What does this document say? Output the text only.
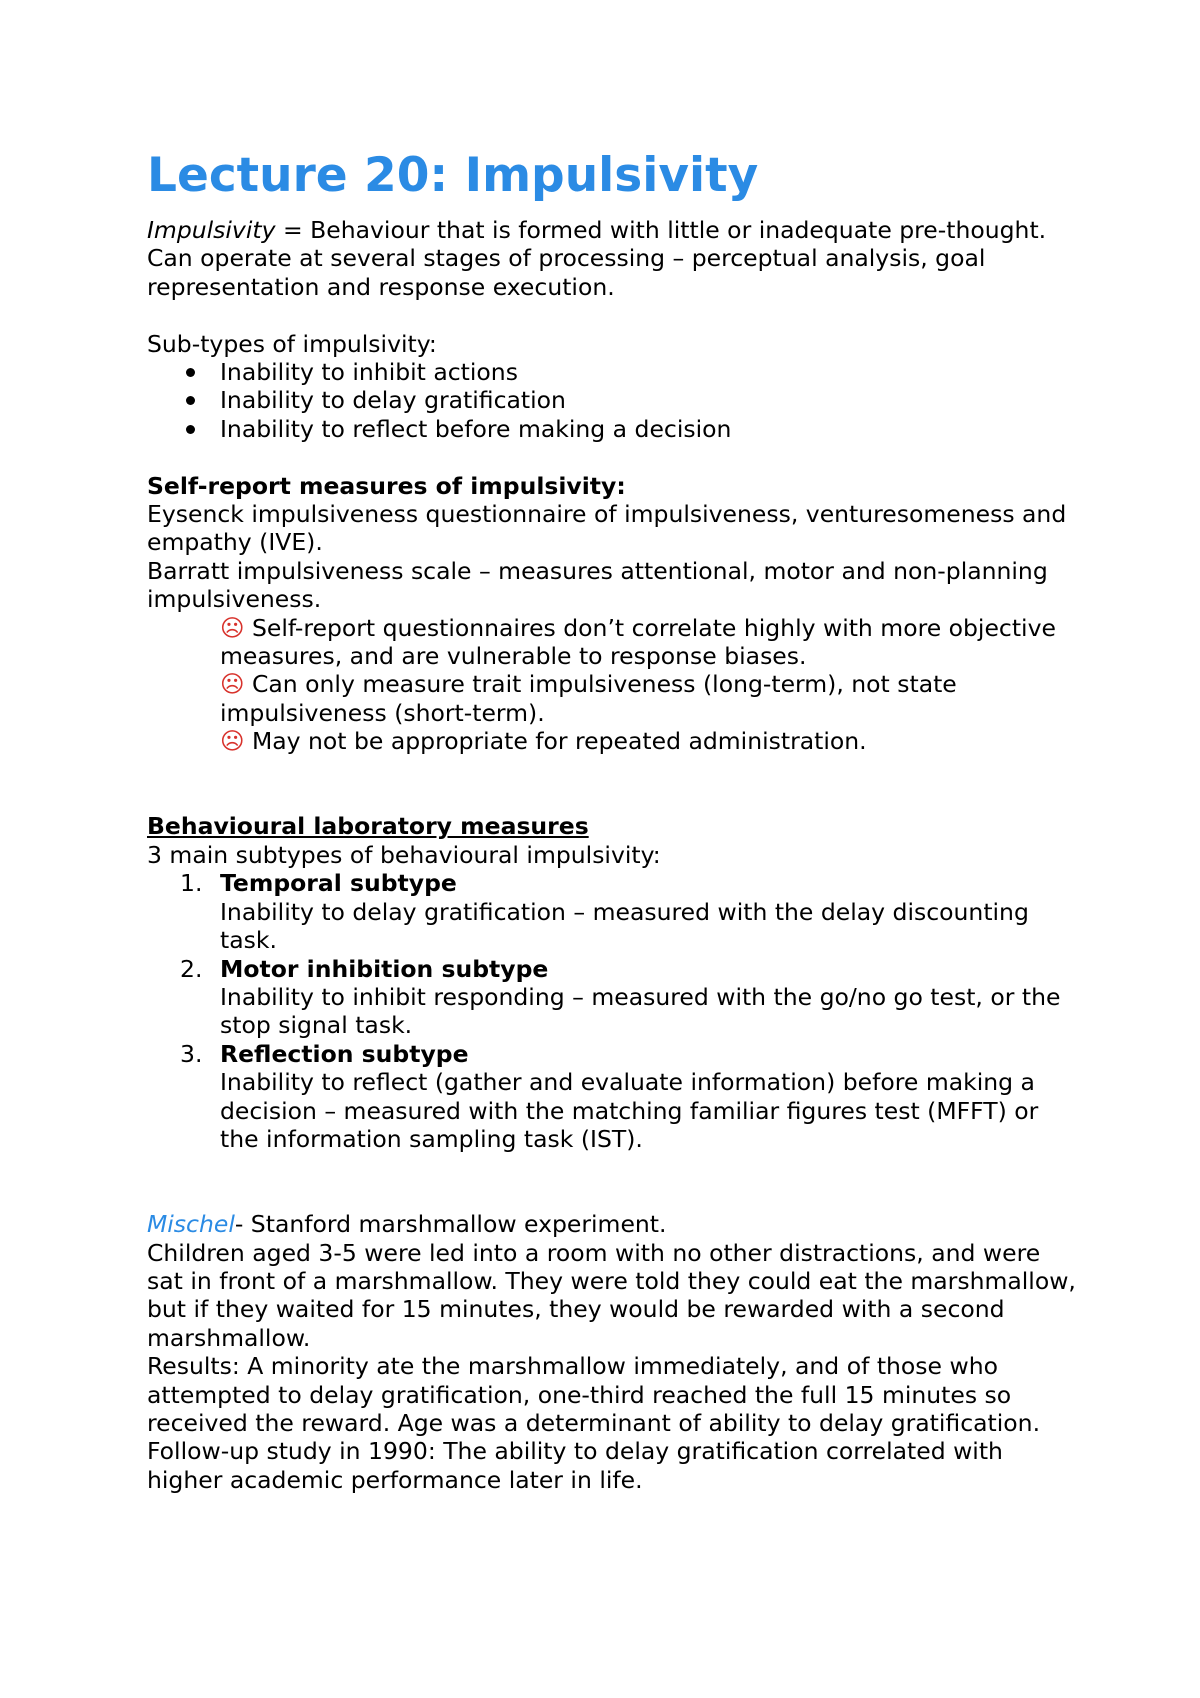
Lecture 20: Impulsivity

Impulsivity = Behaviour that is formed with little or inadequate pre-thought. Can operate at several stages of processing – perceptual analysis, goal representation and response execution.

Sub-types of impulsivity:

Inability to inhibit actions
Inability to delay gratification
Inability to reflect before making a decision

Self-report measures of impulsivity:

Eysenck impulsiveness questionnaire of impulsiveness, venturesomeness and empathy (IVE).

Barratt impulsiveness scale – measures attentional, motor and non-planning impulsiveness.

☹ Self-report questionnaires don’t correlate highly with more objective measures, and are vulnerable to response biases.

☹ Can only measure trait impulsiveness (long-term), not state impulsiveness (short-term).

☹ May not be appropriate for repeated administration.

Behavioural laboratory measures

3 main subtypes of behavioural impulsivity:

1. Temporal subtype
Inability to delay gratification – measured with the delay discounting task.
2. Motor inhibition subtype
Inability to inhibit responding – measured with the go/no go test, or the stop signal task.
3. Reflection subtype
Inability to reflect (gather and evaluate information) before making a decision – measured with the matching familiar figures test (MFFT) or the information sampling task (IST).

Mischel- Stanford marshmallow experiment.

Children aged 3-5 were led into a room with no other distractions, and were sat in front of a marshmallow. They were told they could eat the marshmallow, but if they waited for 15 minutes, they would be rewarded with a second marshmallow.

Results: A minority ate the marshmallow immediately, and of those who attempted to delay gratification, one-third reached the full 15 minutes so received the reward. Age was a determinant of ability to delay gratification.

Follow-up study in 1990: The ability to delay gratification correlated with higher academic performance later in life.
